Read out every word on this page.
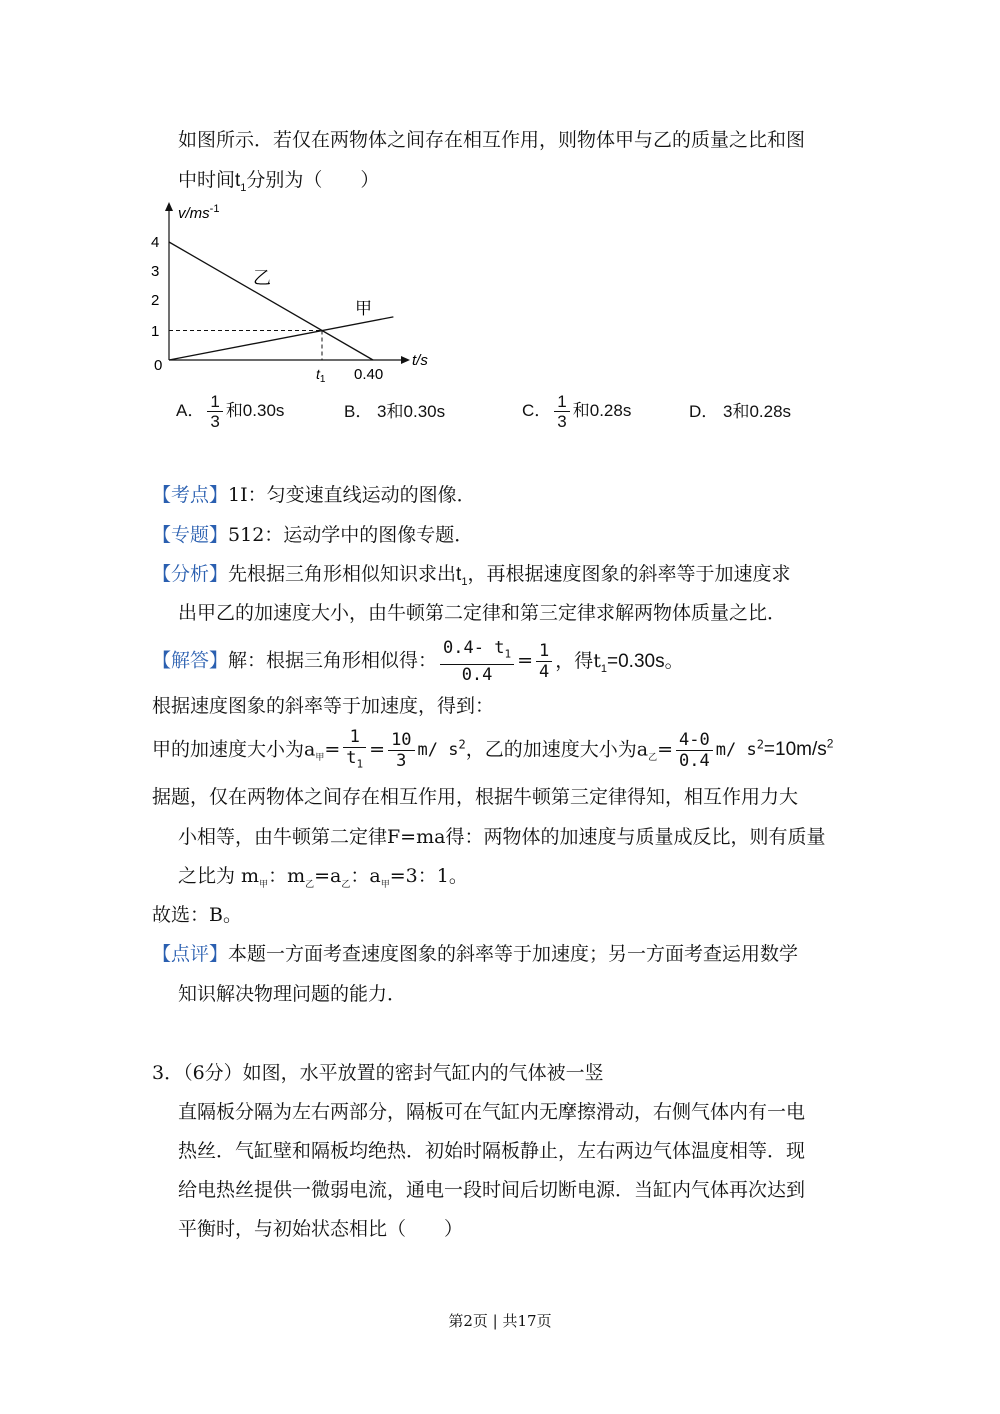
如图所示．若仅在两物体之间存在相互作用，则物体甲与乙的质量之比和图
中时间$t_1$分别为（　　）
$v/ms^{-1}$
t/s
4
3
2
1
0	$t_1$ 0.40
乙
甲
A． $\frac{1}{3}$ 和0.30s	B． 3和0.30s	C． $\frac{1}{3}$ 和0.28s	D． 3和0.28s
【考点】1I：匀变速直线运动的图像．
【专题】512：运动学中的图像专题．
【分析】先根据三角形相似知识求出$t_1$，再根据速度图象的斜率等于加速度求
出甲乙的加速度大小，由牛顿第二定律和第三定律求解两物体质量之比．
【解答】解：根据三角形相似得： $\frac{0.4- t_1}{0.4} = \frac{1}{4}$ ，得$t_1=0.30s$。
根据速度图象的斜率等于加速度，得到：
甲的加速度大小为$a_甲= \frac{1}{t_1} = \frac{10}{3} m/$ $s^2$，乙的加速度大小为$a_乙= \frac{4-0}{0.4} m/$ $s^2=10m/s^2$
据题，仅在两物体之间存在相互作用，根据牛顿第三定律得知，相互作用力大
小相等，由牛顿第二定律F=ma得：两物体的加速度与质量成反比，则有质量
之比为 $m_甲$：$m_乙=a_乙$：$a_甲=3$：1。
故选：B。
【点评】本题一方面考查速度图象的斜率等于加速度；另一方面考查运用数学
知识解决物理问题的能力．
3．（6分）如图，水平放置的密封气缸内的气体被一竖
直隔板分隔为左右两部分，隔板可在气缸内无摩擦滑动，右侧气体内有一电
热丝．气缸壁和隔板均绝热．初始时隔板静止，左右两边气体温度相等．现
给电热丝提供一微弱电流，通电一段时间后切断电源．当缸内气体再次达到
平衡时，与初始状态相比（　　）
第2页 | 共17页
